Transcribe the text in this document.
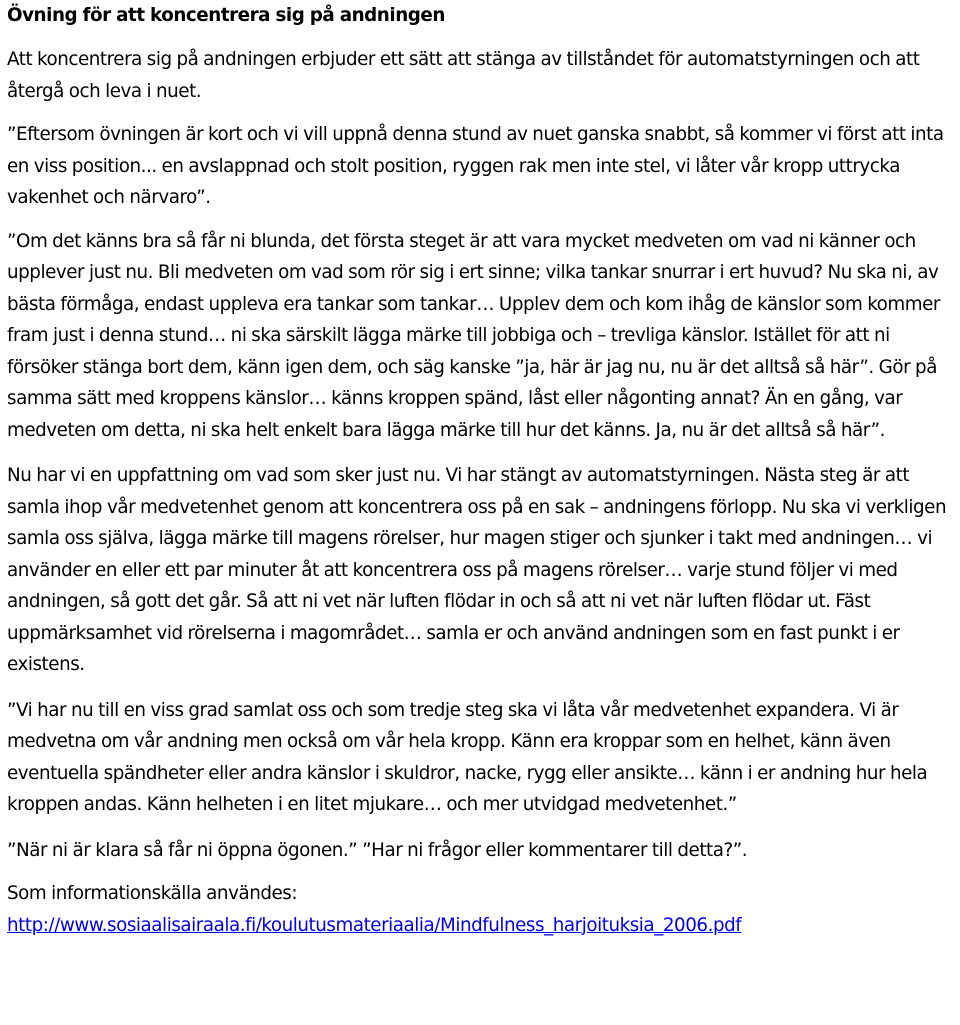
Övning för att koncentrera sig på andningen

Att koncentrera sig på andningen erbjuder ett sätt att stänga av tillståndet för automatstyrningen och att återgå och leva i nuet.

”Eftersom övningen är kort och vi vill uppnå denna stund av nuet ganska snabbt, så kommer vi först att inta en viss position... en avslappnad och stolt position, ryggen rak men inte stel, vi låter vår kropp uttrycka vakenhet och närvaro”.

”Om det känns bra så får ni blunda, det första steget är att vara mycket medveten om vad ni känner och upplever just nu. Bli medveten om vad som rör sig i ert sinne; vilka tankar snurrar i ert huvud? Nu ska ni, av bästa förmåga, endast uppleva era tankar som tankar… Upplev dem och kom ihåg de känslor som kommer fram just i denna stund… ni ska särskilt lägga märke till jobbiga och – trevliga känslor. Istället för att ni försöker stänga bort dem, känn igen dem, och säg kanske ”ja, här är jag nu, nu är det alltså så här”. Gör på samma sätt med kroppens känslor… känns kroppen spänd, låst eller någonting annat? Än en gång, var medveten om detta, ni ska helt enkelt bara lägga märke till hur det känns. Ja, nu är det alltså så här”.

Nu har vi en uppfattning om vad som sker just nu. Vi har stängt av automatstyrningen. Nästa steg är att samla ihop vår medvetenhet genom att koncentrera oss på en sak – andningens förlopp. Nu ska vi verkligen samla oss själva, lägga märke till magens rörelser, hur magen stiger och sjunker i takt med andningen… vi använder en eller ett par minuter åt att koncentrera oss på magens rörelser… varje stund följer vi med andningen, så gott det går. Så att ni vet när luften flödar in och så att ni vet när luften flödar ut. Fäst uppmärksamhet vid rörelserna i magområdet… samla er och använd andningen som en fast punkt i er existens.

”Vi har nu till en viss grad samlat oss och som tredje steg ska vi låta vår medvetenhet expandera. Vi är medvetna om vår andning men också om vår hela kropp. Känn era kroppar som en helhet, känn även eventuella spändheter eller andra känslor i skuldror, nacke, rygg eller ansikte… känn i er andning hur hela kroppen andas. Känn helheten i en litet mjukare… och mer utvidgad medvetenhet.”

”När ni är klara så får ni öppna ögonen.” ”Har ni frågor eller kommentarer till detta?”.

Som informationskälla användes:

http://www.sosiaalisairaala.fi/koulutusmateriaalia/Mindfulness_harjoituksia_2006.pdf
